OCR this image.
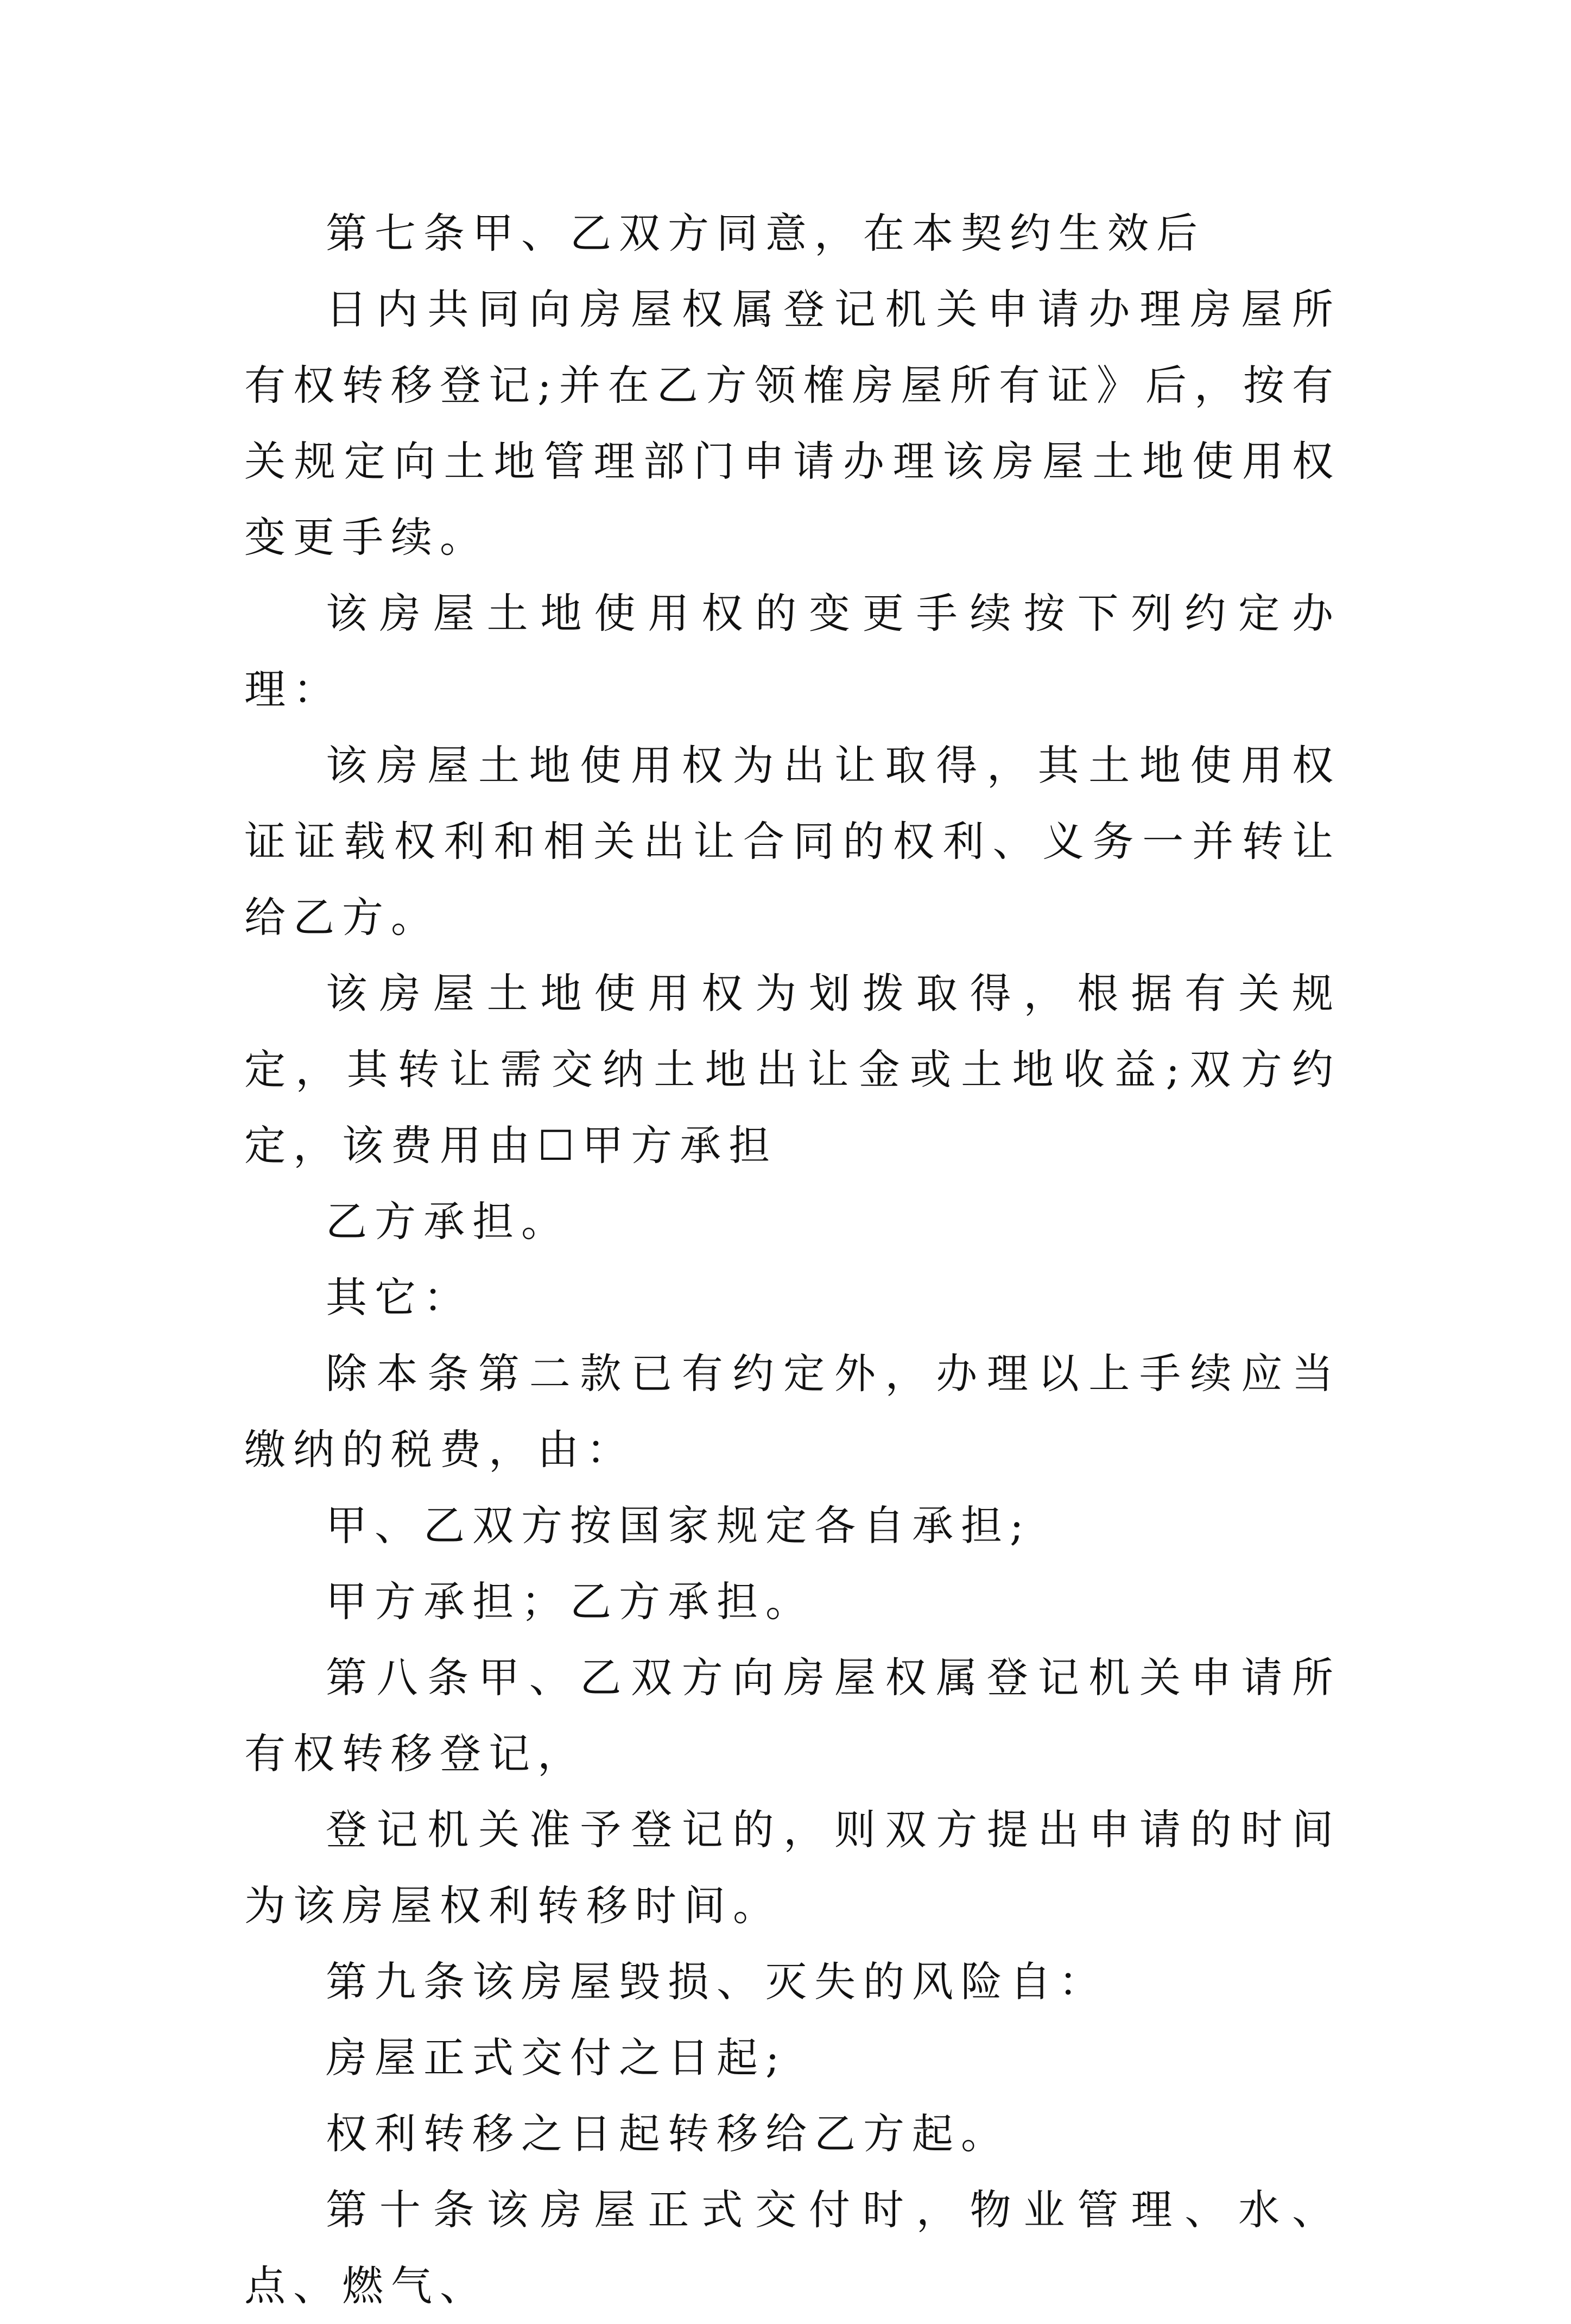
第七条甲、乙双方同意，在本契约生效后

日内共同向房屋权属登记机关申请办理房屋所有权转移登记;并在乙方领榷房屋所有证》后，按有关规定向土地管理部门申请办理该房屋土地使用权变更手续。

该房屋土地使用权的变更手续按下列约定办理：

该房屋土地使用权为出让取得，其土地使用权证证载权利和相关出让合同的权利、义务一并转让给乙方。

该房屋土地使用权为划拨取得，根据有关规定，其转让需交纳土地出让金或土地收益;双方约定，该费用由☐甲方承担

乙方承担。

其它：

除本条第二款已有约定外，办理以上手续应当缴纳的税费，由：

甲、乙双方按国家规定各自承担;

甲方承担；乙方承担。

第八条甲、乙双方向房屋权属登记机关申请所有权转移登记，

登记机关准予登记的，则双方提出申请的时间为该房屋权利转移时间。

第九条该房屋毁损、灭失的风险自：

房屋正式交付之日起;

权利转移之日起转移给乙方起。

第十条该房屋正式交付时，物业管理、水、点、燃气、
